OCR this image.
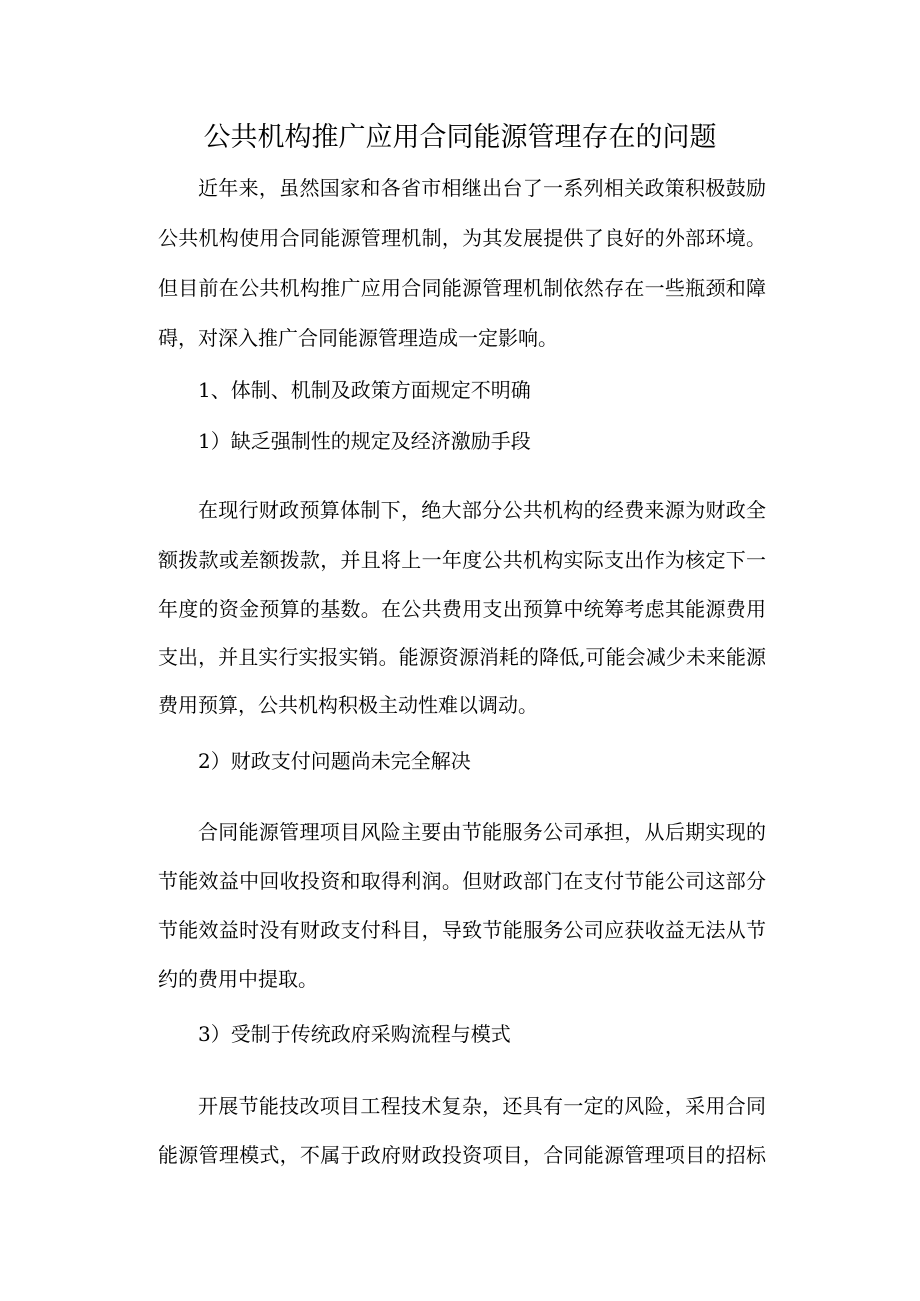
公共机构推广应用合同能源管理存在的问题
近年来，虽然国家和各省市相继出台了一系列相关政策积极鼓励
公共机构使用合同能源管理机制，为其发展提供了良好的外部环境。
但目前在公共机构推广应用合同能源管理机制依然存在一些瓶颈和障
碍，对深入推广合同能源管理造成一定影响。
1、体制、机制及政策方面规定不明确
1）缺乏强制性的规定及经济激励手段
在现行财政预算体制下，绝大部分公共机构的经费来源为财政全
额拨款或差额拨款，并且将上一年度公共机构实际支出作为核定下一
年度的资金预算的基数。在公共费用支出预算中统筹考虑其能源费用
支出，并且实行实报实销。能源资源消耗的降低,可能会减少未来能源
费用预算，公共机构积极主动性难以调动。
2）财政支付问题尚未完全解决
合同能源管理项目风险主要由节能服务公司承担，从后期实现的
节能效益中回收投资和取得利润。但财政部门在支付节能公司这部分
节能效益时没有财政支付科目，导致节能服务公司应获收益无法从节
约的费用中提取。
3）受制于传统政府采购流程与模式
开展节能技改项目工程技术复杂，还具有一定的风险，采用合同
能源管理模式，不属于政府财政投资项目，合同能源管理项目的招标
